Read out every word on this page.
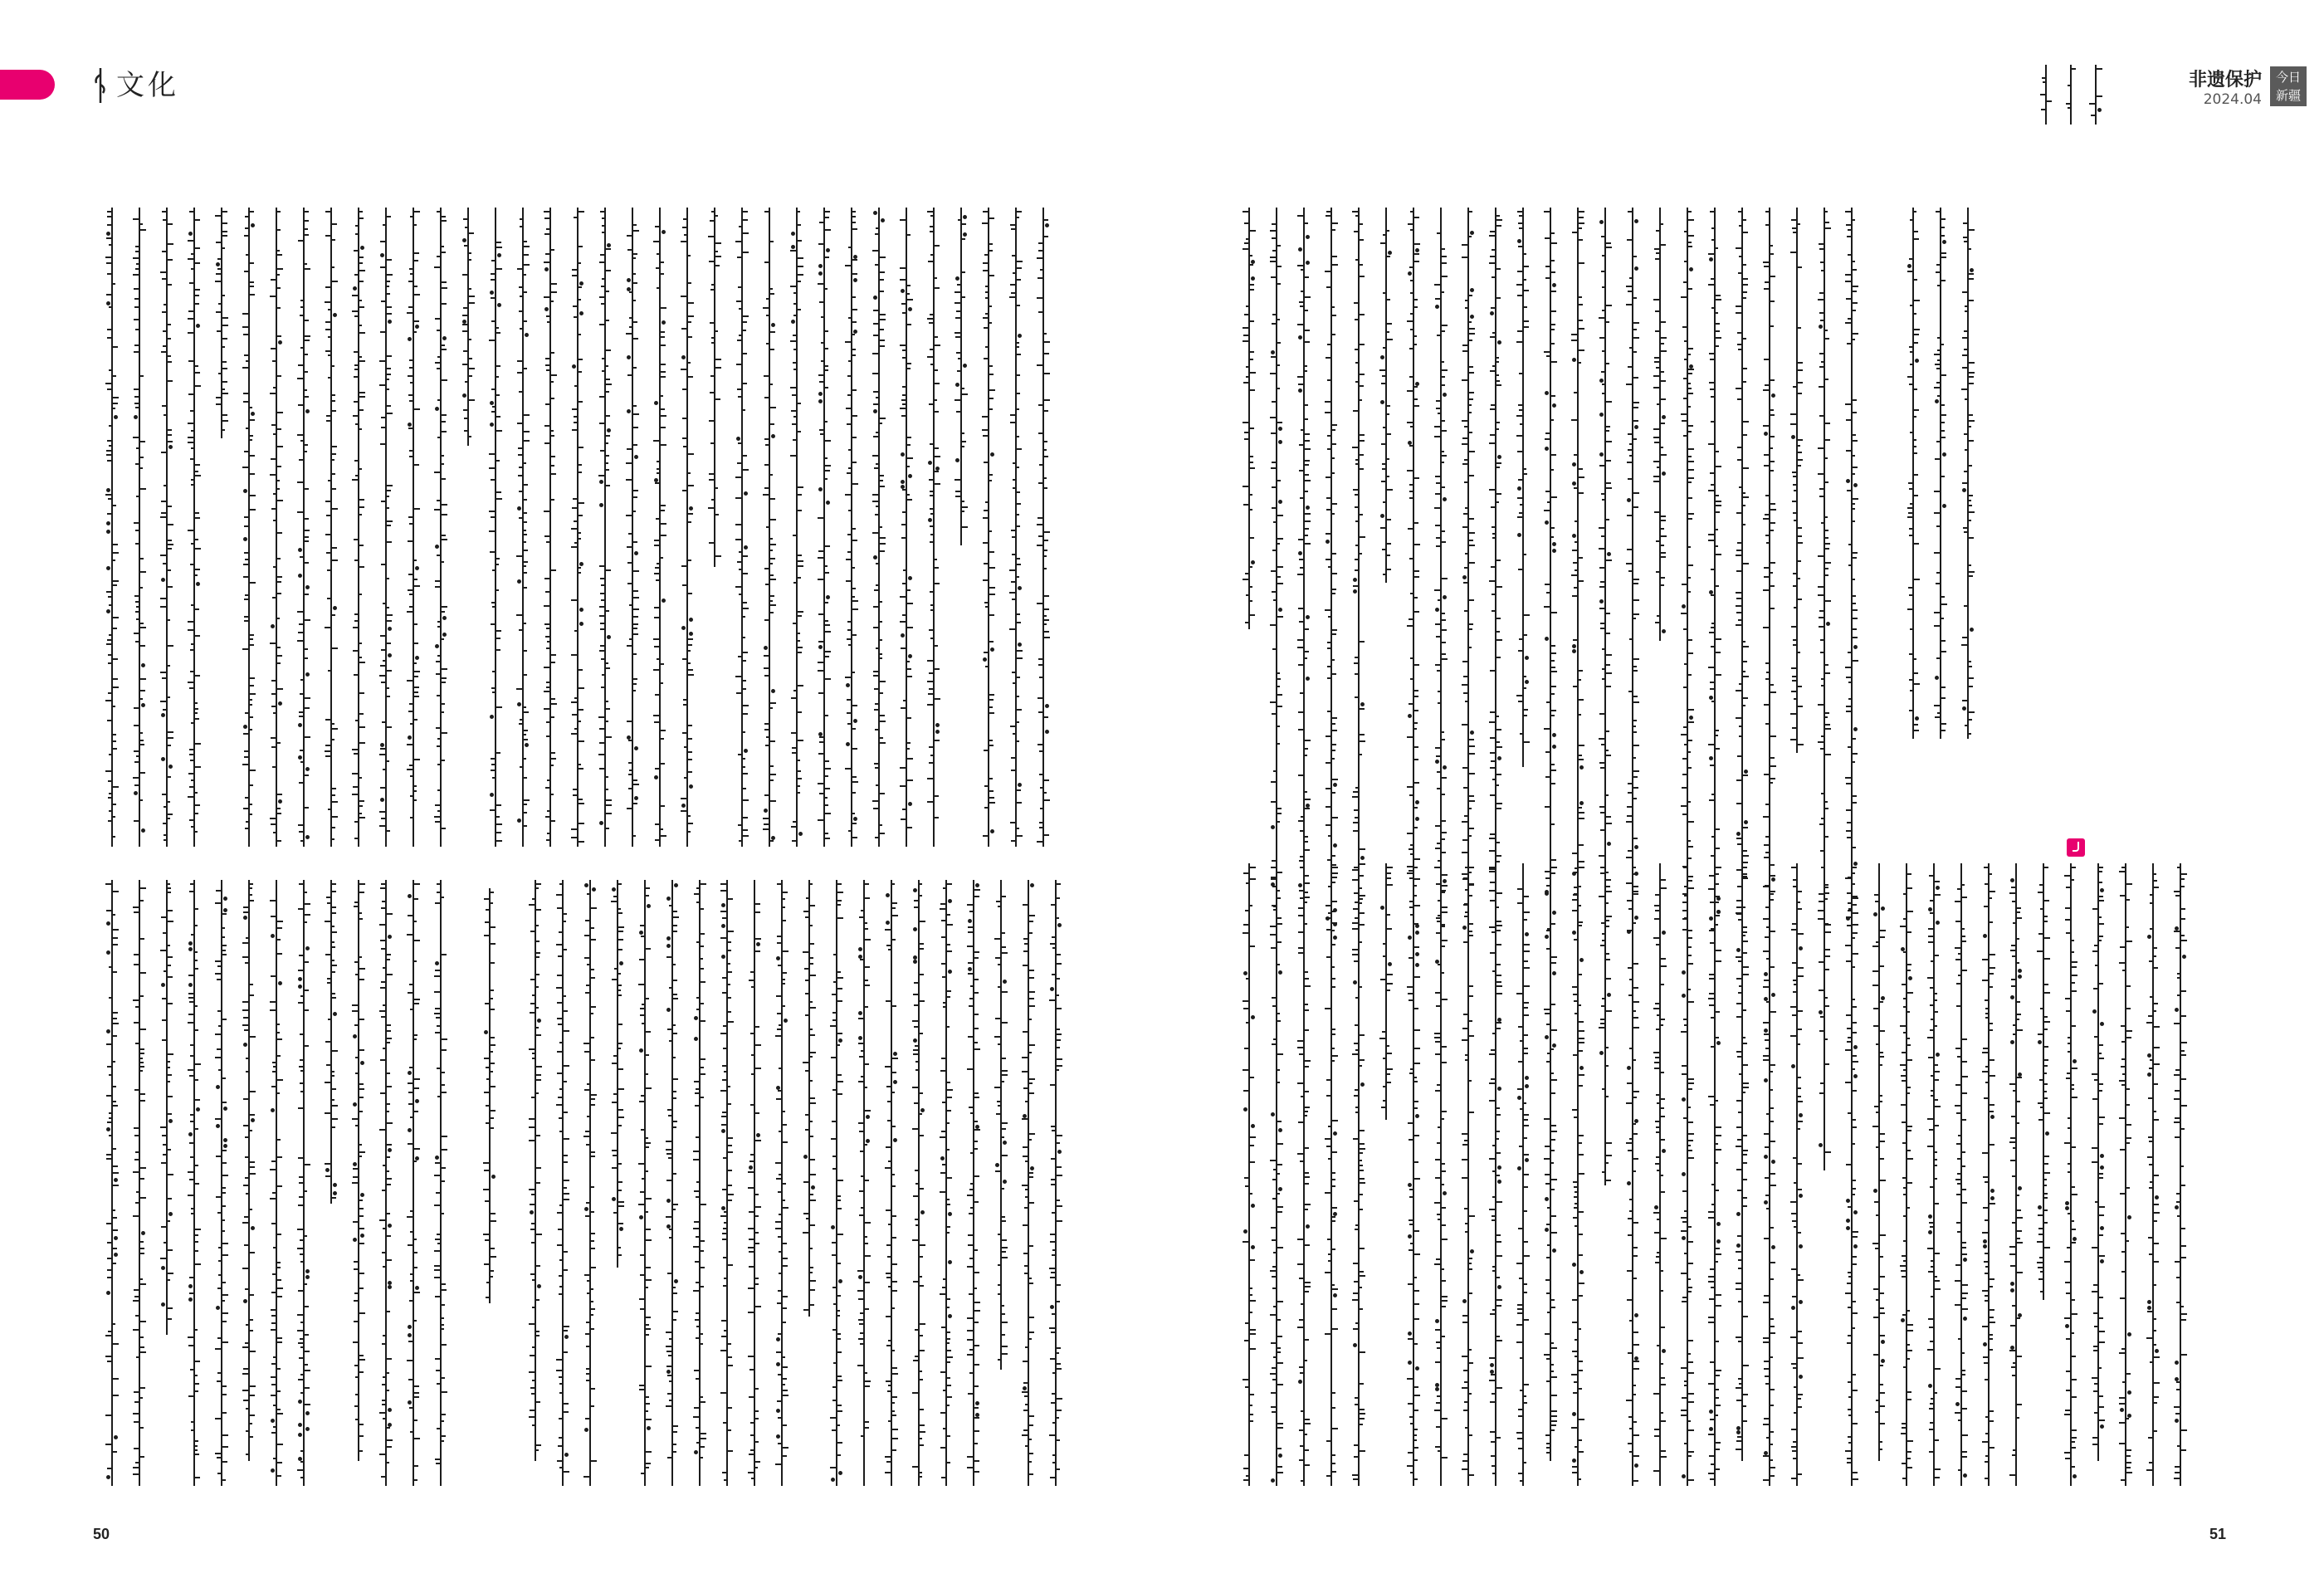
文化
50
非遗保护
2024.04
今日新疆
51
